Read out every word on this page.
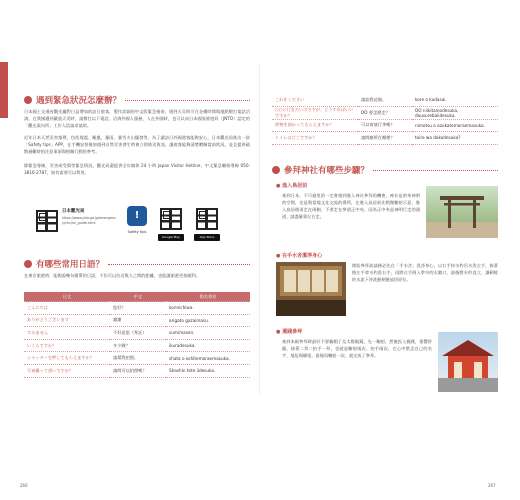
遇到緊急狀況怎麼辦？
日本國土交通省觀光廳對日益增加的訪日旅客，製作詳細的中文版緊急指南，遇到天災時可在各種時間與地點撥打電話洽詢，在我國遭到嚴重天災時，請撥打以下電話，洽詢外國人服務，人在外國時，也可以向日本國家旅遊局（JNTO）認定的「觀光案內所」工作人員請求協助。
近年日本天然災害頻傳，包括地震、颱風、暴雨、暴雪火山爆發等，為了讓訪日外國遊客能夠安心，日本觀光局推出一款「Safety tips」APP，在手機安裝後如遇到自然災害發生時會立即推送資訊，讓遊客能夠清楚瞭解當前狀況，並且提供疏散避難時的注意事項與相關行動的參考。
除緊急專線，災害或受傷等緊急情況，觀光局還提供全年無休 24 小時 Japan Visitor Hotline，中文緊急聯絡專線 050-3816-2787，如有需要可以利用。
日本觀光局
https://www.jnto.go.jp/emergency/chc/mi_guide.html
!
Safety tips
Google Play	App Store
有哪些常用日語？
在東京旅遊時，能夠說幾句簡單的日語，不但可以拉近與人之間的距離，也能讓旅遊更加順利。
日文	中文	假名發音
こんにちは	您好？	konnichiwa.
ありがとうございます	謝謝	arigato gozaimasu.
すみません	不好意思（拜託）	sumimasen.
いくらですか？	多少錢？	ikuradesuka.
シャッターを押してもらえますか？	請幫我拍照。	shata o oshitemoraemasuka.
写真撮って頂いですか？	請問可以拍照嗎？	Shashin tote iidesuka.
266
これをください	請給我這個。	kore o kudasai.
○○に行きたいのですが、どうすればいいですか？	OO 要怎麼走？	OO niikitainodesuka, dousurebaiidesuka.
荷物を預かってもらえますか？	可以寄放行李嗎？	nimotsu o azukatemoraemasuka.
トイレはどこですか？	請問廁所在哪裡？	toire wa dokodesuka?
參拜神社有哪些步驟？
● 進入鳥居前
來到日本，不可避免的一定會遇到進入神社參拜的機會，神社是供奉神明的空間，也是與當地文化交流的場所，在進入鳥居前先稍微鞠躬示意，進入鳥居後須走在兩側，不要走在參道正中央，因為正中央是神明行走的通道，請盡量靠左右走。
● 在手水舍潔淨身心
開始參拜前請務必先在「手水舍」洗淨身心，以右手持水杓舀水洗左手，接著換左手拿水杓洗右手，再將右手倒入掌中的水漱口，最後將水杓直立，讓剩餘的水流下沖洗握柄後放回原位。
● 遵踐參拜
來到本殿參拜時最好不要戴帽子及太陽眼鏡，先一鞠躬，然後投入賽錢，搖響鈴鐺，接著二拜二拍手一拜，也就是鞠躬兩次、拍手兩次，在心中默念自己的名字、地址與願望，最後再鞠躬一次，就完成了參拜。
267
